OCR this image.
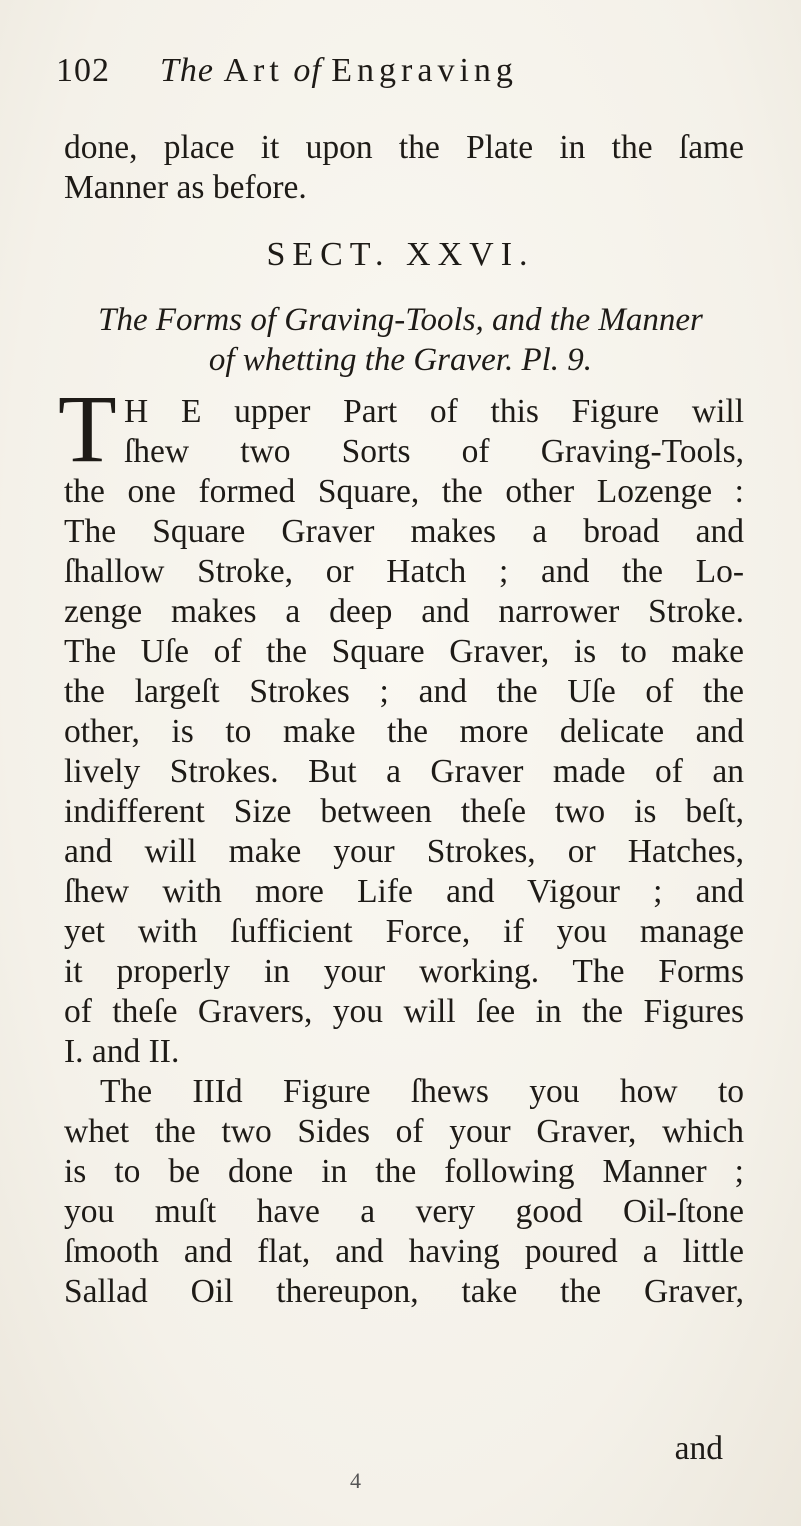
102 The Art of Engraving
done, place it upon the Plate in the ſame
Manner as before.
SECT. XXVI.
The Forms of Graving-Tools, and the Manner
of whetting the Graver. Pl. 9.
T H E upper Part of this Figure will
ſhew two Sorts of Graving-Tools,
the one formed Square, the other Lozenge :
The Square Graver makes a broad and
ſhallow Stroke, or Hatch ; and the Lo-
zenge makes a deep and narrower Stroke.
The Uſe of the Square Graver, is to make
the largeſt Strokes ; and the Uſe of the
other, is to make the more delicate and
lively Strokes. But a Graver made of an
indifferent Size between theſe two is beſt,
and will make your Strokes, or Hatches,
ſhew with more Life and Vigour ; and
yet with ſufficient Force, if you manage
it properly in your working. The Forms
of theſe Gravers, you will ſee in the Figures
I. and II.
The IIId Figure ſhews you how to
whet the two Sides of your Graver, which
is to be done in the following Manner ;
you muſt have a very good Oil-ſtone
ſmooth and flat, and having poured a little
Sallad Oil thereupon, take the Graver,
and
4
